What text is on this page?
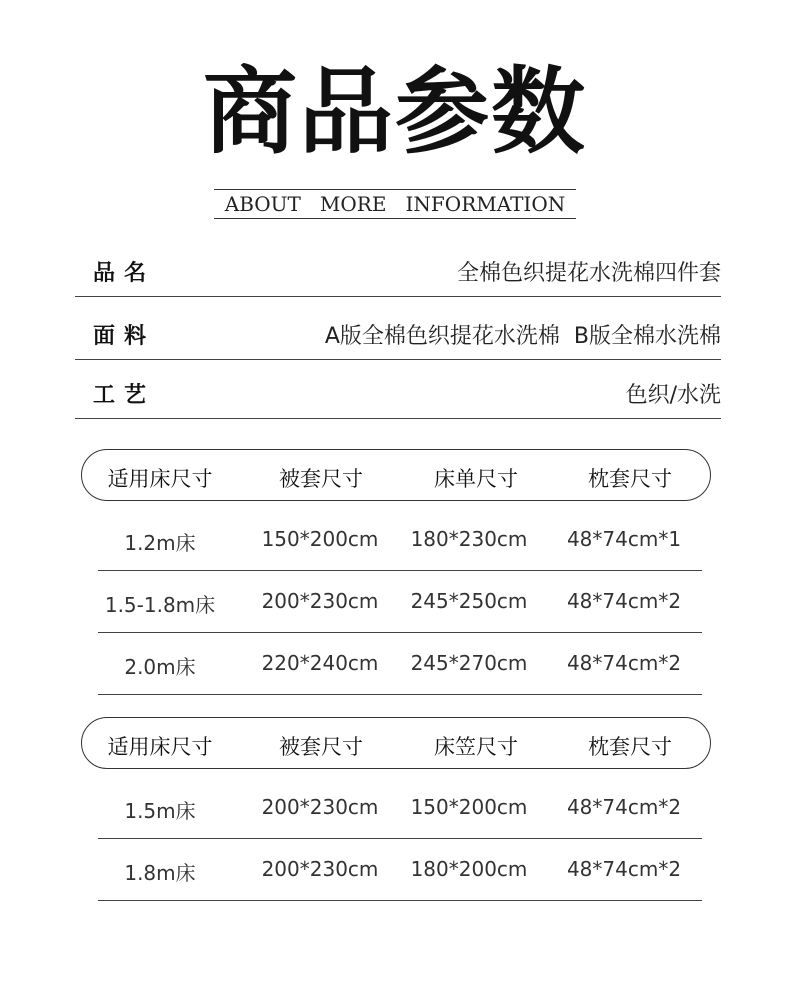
商品参数
ABOUT   MORE   INFORMATION
品名	全棉色织提花水洗棉四件套
面料	A版全棉色织提花水洗棉  B版全棉水洗棉
工艺	色织/水洗
适用床尺寸	被套尺寸	床单尺寸	枕套尺寸
1.2m床	150*200cm	180*230cm	48*74cm*1
1.5-1.8m床	200*230cm	245*250cm	48*74cm*2
2.0m床	220*240cm	245*270cm	48*74cm*2
适用床尺寸	被套尺寸	床笠尺寸	枕套尺寸
1.5m床	200*230cm	150*200cm	48*74cm*2
1.8m床	200*230cm	180*200cm	48*74cm*2
